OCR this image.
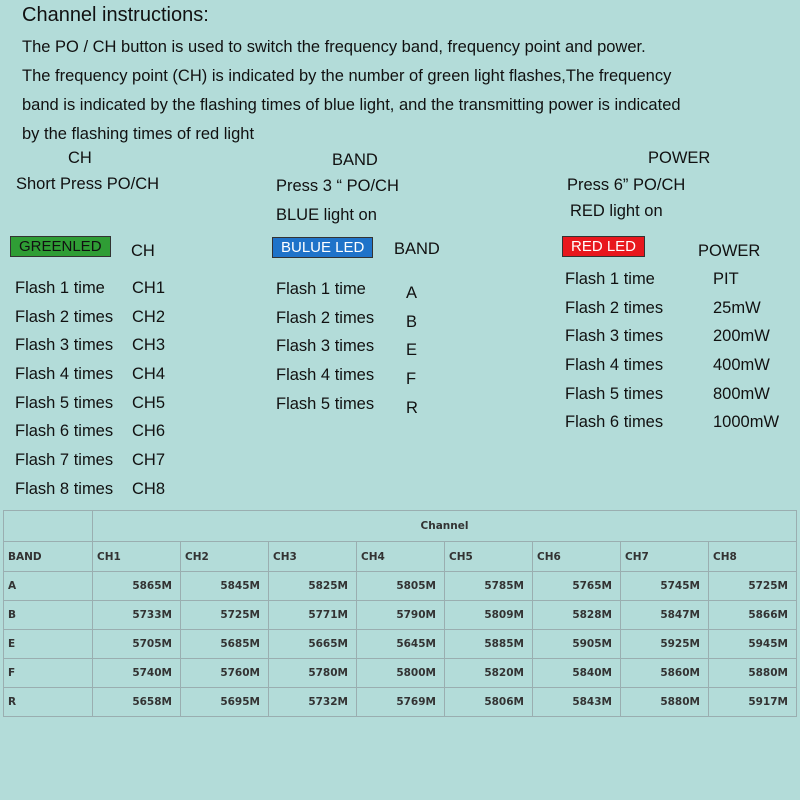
Channel instructions:
The PO / CH button is used to switch the frequency band, frequency point and power.
The frequency point (CH) is indicated by the number of green light flashes,The frequency
band is indicated by the flashing times of blue light, and the transmitting power is indicated
by the flashing times of red light
CH
Short Press PO/CH
GREENLED	CH
Flash 1 time	CH1
Flash 2 times	CH2
Flash 3 times	CH3
Flash 4 times	CH4
Flash 5 times	CH5
Flash 6 times	CH6
Flash 7 times	CH7
Flash 8 times	CH8
BAND
Press 3 “ PO/CH
BLUE light on
BULUE LED	BAND
Flash 1 time	A
Flash 2 times	B
Flash 3 times	E
Flash 4 times	F
Flash 5 times	R
POWER
Press 6” PO/CH
RED light on
RED LED	POWER
Flash 1 time	PIT
Flash 2 times	25mW
Flash 3 times	200mW
Flash 4 times	400mW
Flash 5 times	800mW
Flash 6 times	1000mW
	Channel							
BAND	CH1	CH2	CH3	CH4	CH5	CH6	CH7	CH8
A	5865M	5845M	5825M	5805M	5785M	5765M	5745M	5725M
B	5733M	5725M	5771M	5790M	5809M	5828M	5847M	5866M
E	5705M	5685M	5665M	5645M	5885M	5905M	5925M	5945M
F	5740M	5760M	5780M	5800M	5820M	5840M	5860M	5880M
R	5658M	5695M	5732M	5769M	5806M	5843M	5880M	5917M
